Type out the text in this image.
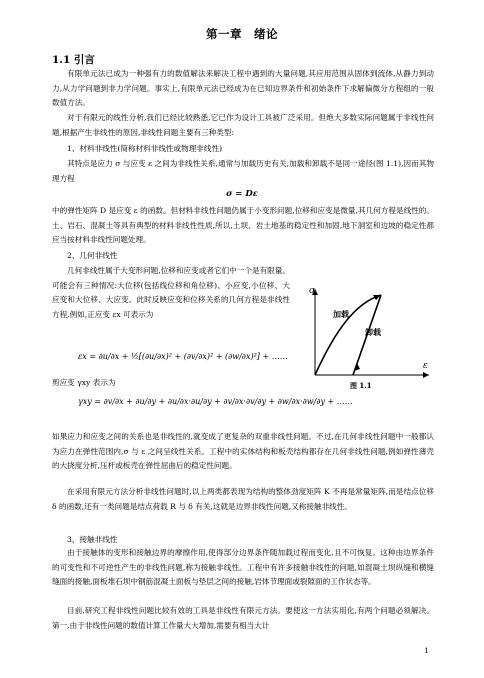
第一章　绪论
1.1 引言

有限单元法已成为一种强有力的数值解法来解决工程中遇到的大量问题,其应用范围从固体到流体,从静力到动力,从力学问题到非力学问题。事实上,有限单元法已经成为在已知边界条件和初始条件下求解偏微分方程组的一般数值方法。

对于有限元的线性分析,我们已经比较熟悉,它已作为设计工具被广泛采用。但绝大多数实际问题属于非线性问题,根据产生非线性的原因,非线性问题主要有三种类型:

1、材料非线性(简称材料非线性或物理非线性)

其特点是应力 σ 与应变 ε 之间为非线性关系,通常与加载历史有关,加载和卸载不是同一途径(图 1.1),因而其物理方程

σ = Dε

中的弹性矩阵 D 是应变 ε 的函数。但材料非线性问题仍属于小变形问题,位移和应变是微量,其几何方程是线性的。土、岩石、混凝土等具有典型的材料非线性性质,所以,土坝、岩土地基的稳定性和加固,地下洞室和边坡的稳定性都应当按材料非线性问题处理。

2、几何非线性

几何非线性属于大变形问题,位移和应变或者它们中一个是有限量。可能会有三种情况:大位移(包括线位移和角位移)、小应变,小位移、大应变和大位移、大应变。此时反映应变和位移关系的几何方程是非线性方程,例如,正应变 εx 可表示为

εx = ∂u/∂x + ½[(∂u/∂x)² + (∂v/∂x)² + (∂w/∂x)²] + ……
剪应变 γxy 表示为
γxy = ∂v/∂x + ∂u/∂y + ∂u/∂x·∂u/∂y + ∂v/∂x·∂v/∂y + ∂w/∂x·∂w/∂y + ……
σ
ε
加载
卸载
图 1.1

如果应力和应变之间的关系也是非线性的,就变成了更复杂的双重非线性问题。不过,在几何非线性问题中一般都认为应力在弹性范围内,σ 与 ε 之间呈线性关系。工程中的实体结构和板壳结构都存在几何非线性问题,例如弹性薄壳的大挠度分析,压杆或板壳在弹性屈曲后的稳定性问题。

在采用有限元方法分析非线性问题时,以上两类都表现为结构的整体劲度矩阵 K 不再是常量矩阵,而是结点位移 δ 的函数,还有一类问题是结点荷载 R 与 δ 有关,这就是边界非线性问题,又称接触非线性。

3、接触非线性

由于接触体的变形和接触边界的摩擦作用,使得部分边界条件随加载过程而变化,且不可恢复。这种由边界条件的可变性和不可逆性产生的非线性问题,称为接触非线性。工程中有许多接触非线性的问题,如混凝土坝纵缝和横缝缝面的接触,面板堆石坝中钢筋混凝土面板与垫层之间的接触,岩体节理面或裂隙面的工作状态等。

目前,研究工程非线性问题比较有效的工具是非线性有限元方法。要使这一方法实用化,有两个问题必须解决。第一,由于非线性问题的数值计算工作量大大增加,需要有相当大计

1
